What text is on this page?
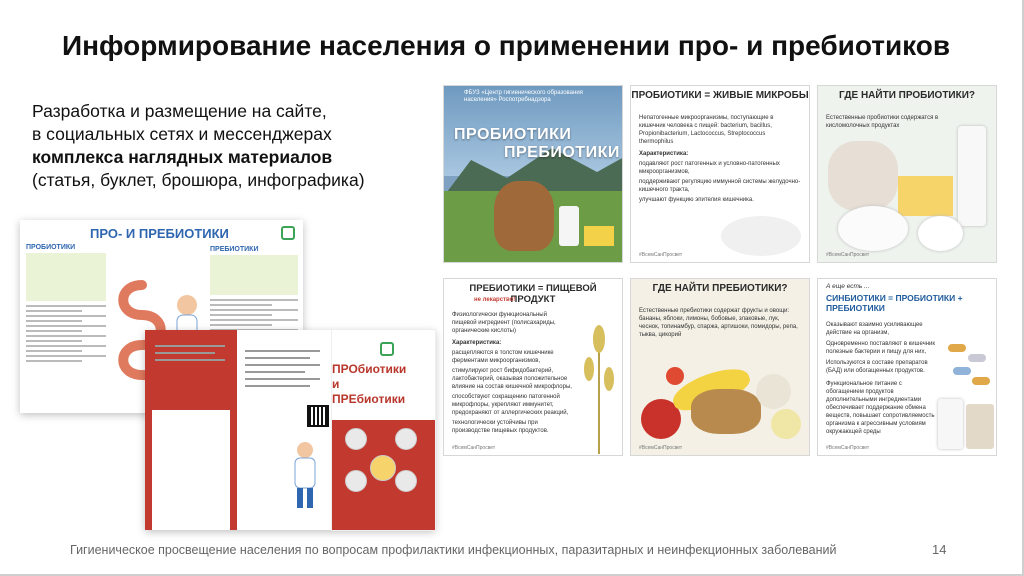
Информирование населения о применении про- и пребиотиков
Разработка и размещение на сайте,
в социальных сетях и мессенджерах
комплекса наглядных материалов
(статья, буклет, брошюра, инфографика)
ПРО- И ПРЕБИОТИКИ
ПРОБИОТИКИ	ПРЕБИОТИКИ
ПРОбиотики
и
ПРЕбиотики
ФБУЗ «Центр гигиенического образования населения» Роспотребнадзора
ПРОБИОТИКИ
ПРЕБИОТИКИ
ПРОБИОТИКИ = ЖИВЫЕ МИКРОБЫ
Непатогенные микроорганизмы, поступающие в кишечник человека с пищей: bacterium, bacillus, Propionibacterium, Lactococcus, Streptococcus thermophilus
Характеристика:
подавляют рост патогенных и условно-патогенных микроорганизмов,
поддерживают регуляцию иммунной системы желудочно-кишечного тракта,
улучшают функцию эпителия кишечника.
#ВсемСанПросвет
ГДЕ НАЙТИ ПРОБИОТИКИ?
Естественные пробиотики содержатся в кисломолочных продуктах
#ВсемСанПросвет
ПРЕБИОТИКИ = ПИЩЕВОЙ ПРОДУКТ
не лекарство!
Физиологически функциональный пищевой ингредиент (полисахариды, органические кислоты)
Характеристика:
расщепляются в толстом кишечнике ферментами микроорганизмов,
стимулируют рост бифидобактерий, лактобактерий, оказывая положительное влияние на состав кишечной микрофлоры,
способствуют сокращению патогенной микрофлоры, укрепляют иммунитет, предохраняют от аллергических реакций,
технологически устойчивы при производстве пищевых продуктов.
#ВсемСанПросвет
ГДЕ НАЙТИ ПРЕБИОТИКИ?
Естественные пребиотики содержат фрукты и овощи: бананы, яблоки, лимоны, бобовые, злаковые, лук, чеснок, топинамбур, спаржа, артишоки, помидоры, репа, тыква, цикорий
#ВсемСанПросвет
А еще есть ...
СИНБИОТИКИ = ПРОБИОТИКИ + ПРЕБИОТИКИ
Оказывают взаимно усиливающее действие на организм,
Одновременно поставляют в кишечник полезные бактерии и пищу для них,
Используются в составе препаратов (БАД) или обогащенных продуктов.
Функциональное питание с обогащением продуктов дополнительными ингредиентами обеспечивает поддержание обмена веществ, повышает сопротивляемость организма к агрессивным условиям окружающей среды
#ВсемСанПросвет
Гигиеническое просвещение населения по вопросам профилактики инфекционных, паразитарных и неинфекционных заболеваний	14
